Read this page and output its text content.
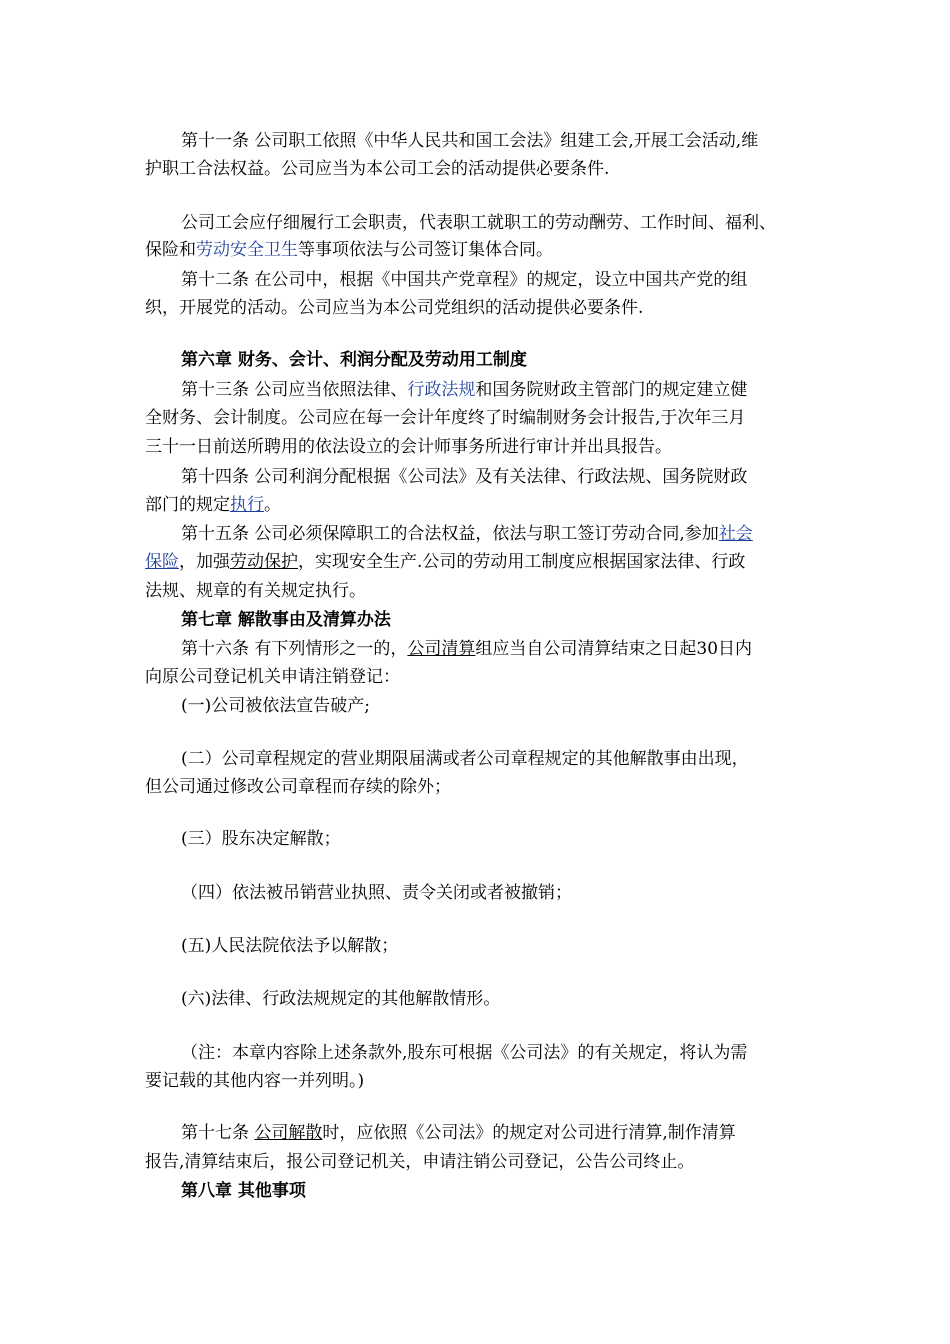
第十一条 公司职工依照《中华人民共和国工会法》组建工会,开展工会活动,维
护职工合法权益。公司应当为本公司工会的活动提供必要条件.
公司工会应仔细履行工会职责，代表职工就职工的劳动酬劳、工作时间、福利、
保险和劳动安全卫生等事项依法与公司签订集体合同。
第十二条 在公司中，根据《中国共产党章程》的规定，设立中国共产党的组
织，开展党的活动。公司应当为本公司党组织的活动提供必要条件.
第六章 财务、会计、利润分配及劳动用工制度
第十三条 公司应当依照法律、行政法规和国务院财政主管部门的规定建立健
全财务、会计制度。公司应在每一会计年度终了时编制财务会计报告,于次年三月
三十一日前送所聘用的依法设立的会计师事务所进行审计并出具报告。
第十四条 公司利润分配根据《公司法》及有关法律、行政法规、国务院财政
部门的规定执行。
第十五条 公司必须保障职工的合法权益，依法与职工签订劳动合同,参加社会
保险，加强劳动保护，实现安全生产.公司的劳动用工制度应根据国家法律、行政
法规、规章的有关规定执行。
第七章 解散事由及清算办法
第十六条 有下列情形之一的，公司清算组应当自公司清算结束之日起30日内
向原公司登记机关申请注销登记：
(一)公司被依法宣告破产;
(二）公司章程规定的营业期限届满或者公司章程规定的其他解散事由出现，
但公司通过修改公司章程而存续的除外；
(三）股东决定解散；
（四）依法被吊销营业执照、责令关闭或者被撤销；
(五)人民法院依法予以解散；
(六)法律、行政法规规定的其他解散情形。
（注：本章内容除上述条款外,股东可根据《公司法》的有关规定，将认为需
要记载的其他内容一并列明。)
第十七条 公司解散时，应依照《公司法》的规定对公司进行清算,制作清算
报告,清算结束后，报公司登记机关，申请注销公司登记，公告公司终止。
第八章 其他事项
